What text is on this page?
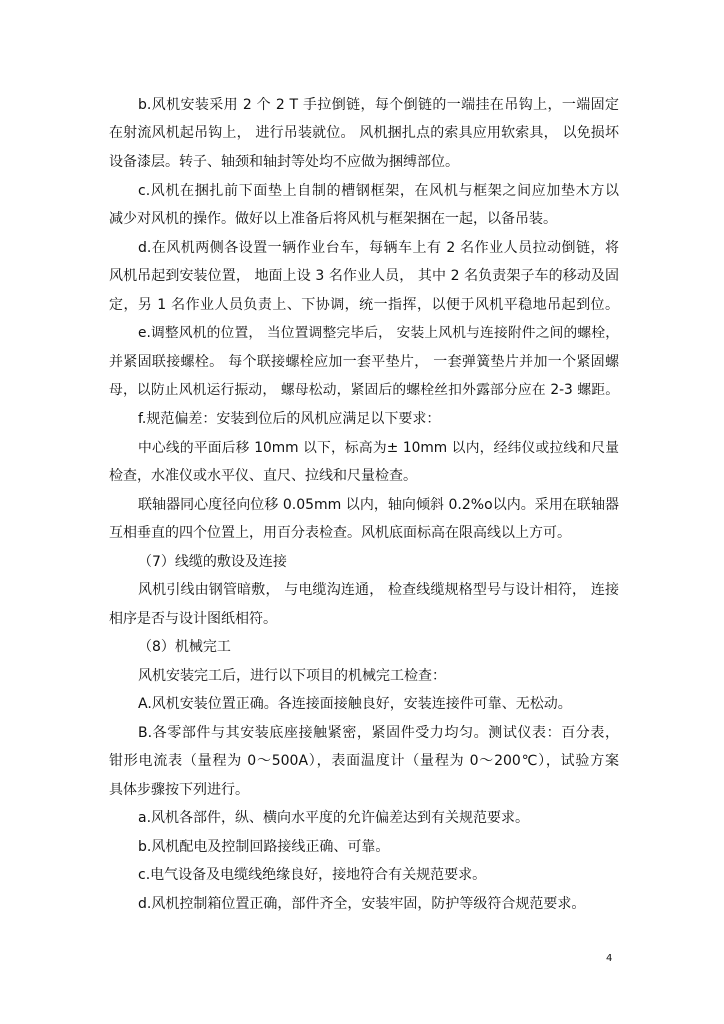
b.风机安装采用 2 个 2 T 手拉倒链，每个倒链的一端挂在吊钩上，一端固定
在射流风机起吊钩上， 进行吊装就位。 风机捆扎点的索具应用软索具， 以免损坏
设备漆层。转子、轴颈和轴封等处均不应做为捆缚部位。
c.风机在捆扎前下面垫上自制的槽钢框架，在风机与框架之间应加垫木方以
减少对风机的操作。做好以上准备后将风机与框架捆在一起，以备吊装。
d.在风机两侧各设置一辆作业台车，每辆车上有 2 名作业人员拉动倒链，将
风机吊起到安装位置， 地面上设 3 名作业人员， 其中 2 名负责架子车的移动及固
定，另 1 名作业人员负责上、下协调，统一指挥，以便于风机平稳地吊起到位。
e.调整风机的位置， 当位置调整完毕后， 安装上风机与连接附件之间的螺栓，
并紧固联接螺栓。 每个联接螺栓应加一套平垫片， 一套弹簧垫片并加一个紧固螺
母，以防止风机运行振动， 螺母松动，紧固后的螺栓丝扣外露部分应在 2-3 螺距。
f.规范偏差：安装到位后的风机应满足以下要求：
中心线的平面后移 10mm 以下，标高为± 10mm 以内，经纬仪或拉线和尺量
检查，水准仪或水平仪、直尺、拉线和尺量检查。
联轴器同心度径向位移 0.05mm 以内，轴向倾斜 0.2%o以内。采用在联轴器
互相垂直的四个位置上，用百分表检查。风机底面标高在限高线以上方可。
（7）线缆的敷设及连接
风机引线由钢管暗敷， 与电缆沟连通， 检查线缆规格型号与设计相符， 连接
相序是否与设计图纸相符。
（8）机械完工
风机安装完工后，进行以下项目的机械完工检查：
A.风机安装位置正确。各连接面接触良好，安装连接件可靠、无松动。
B.各零部件与其安装底座接触紧密，紧固件受力均匀。测试仪表：百分表，
钳形电流表（量程为 0～500A），表面温度计（量程为 0～200℃），试验方案
具体步骤按下列进行。
a.风机各部件，纵、横向水平度的允许偏差达到有关规范要求。
b.风机配电及控制回路接线正确、可靠。
c.电气设备及电缆线绝缘良好，接地符合有关规范要求。
d.风机控制箱位置正确，部件齐全，安装牢固，防护等级符合规范要求。
4
